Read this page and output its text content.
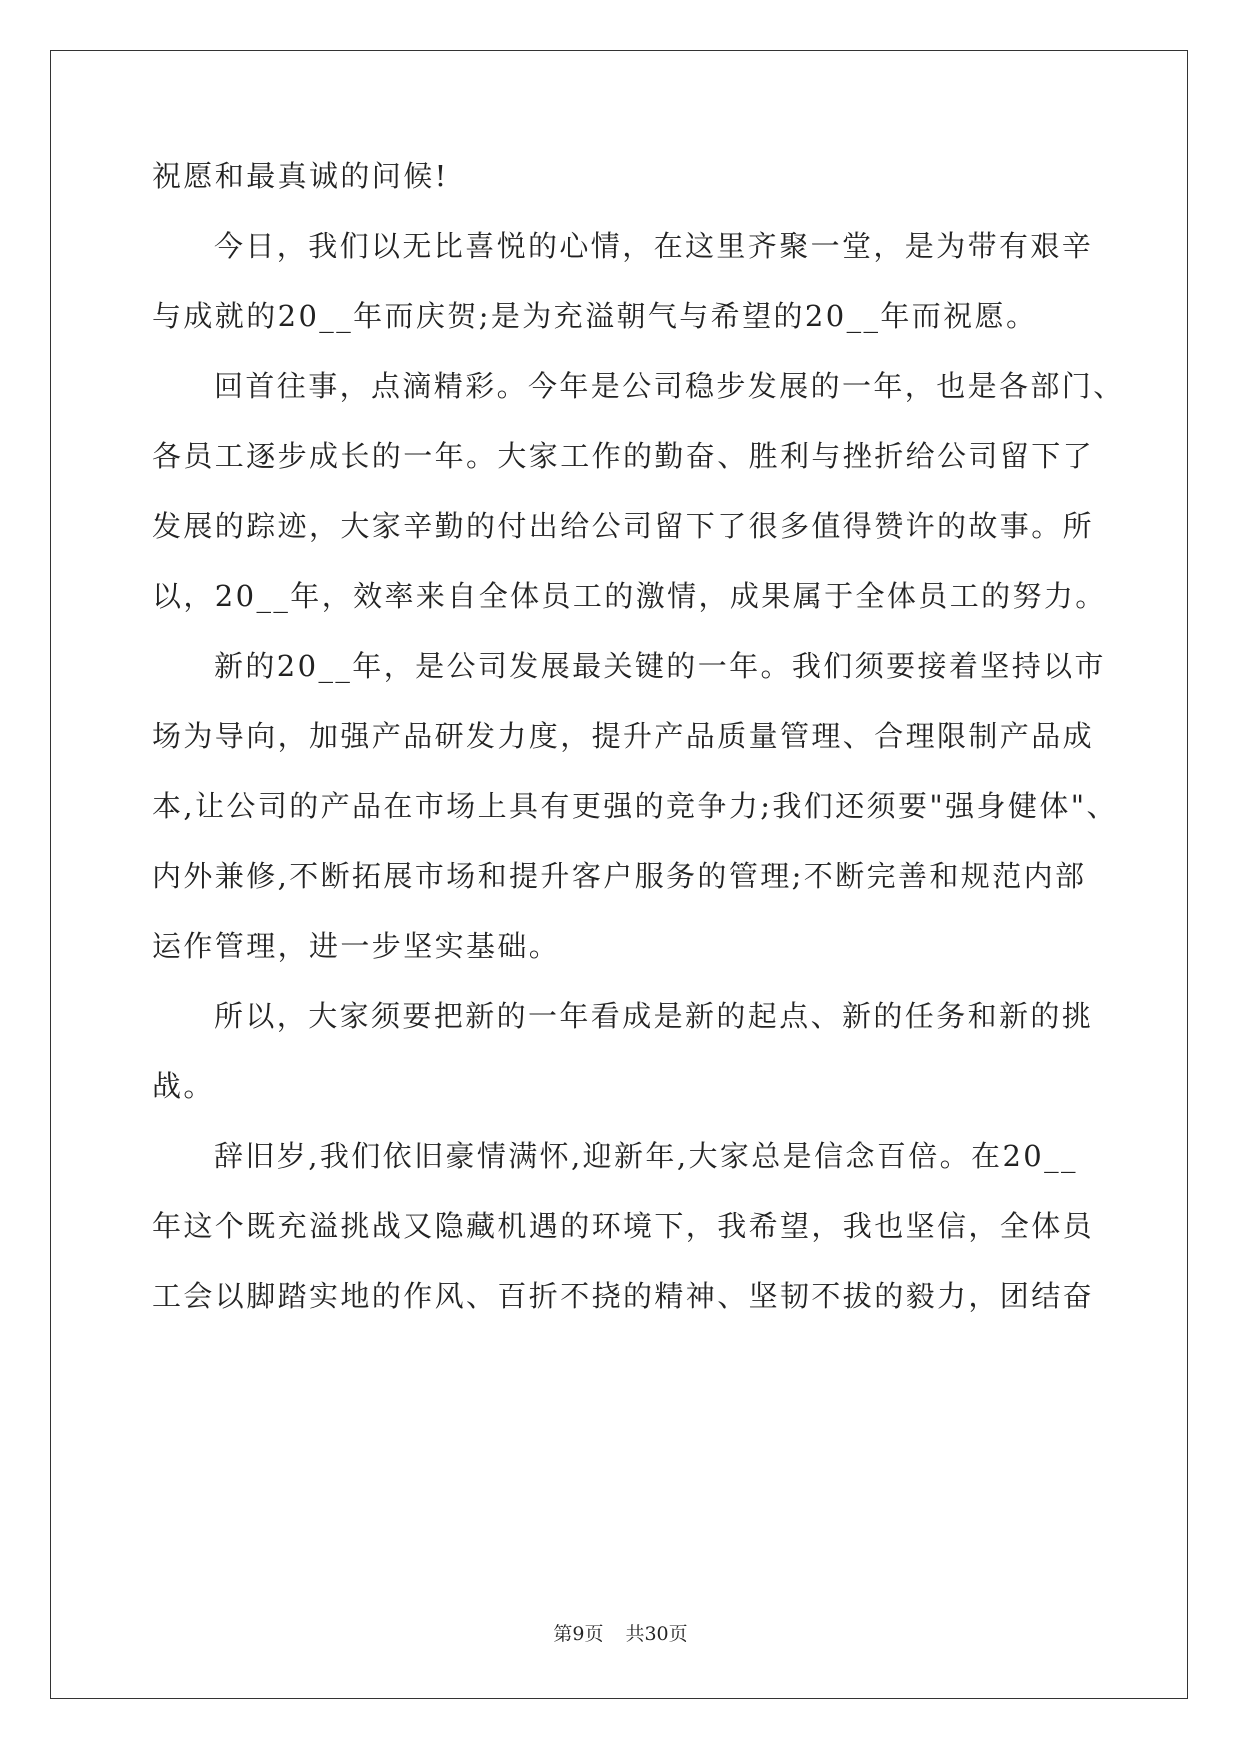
祝愿和最真诚的问候!
今日，我们以无比喜悦的心情，在这里齐聚一堂，是为带有艰辛
与成就的20__年而庆贺;是为充溢朝气与希望的20__年而祝愿。
回首往事，点滴精彩。今年是公司稳步发展的一年，也是各部门、
各员工逐步成长的一年。大家工作的勤奋、胜利与挫折给公司留下了
发展的踪迹，大家辛勤的付出给公司留下了很多值得赞许的故事。所
以，20__年，效率来自全体员工的激情，成果属于全体员工的努力。
新的20__年，是公司发展最关键的一年。我们须要接着坚持以市
场为导向，加强产品研发力度，提升产品质量管理、合理限制产品成
本,让公司的产品在市场上具有更强的竞争力;我们还须要"强身健体"、
内外兼修,不断拓展市场和提升客户服务的管理;不断完善和规范内部
运作管理，进一步坚实基础。
所以，大家须要把新的一年看成是新的起点、新的任务和新的挑
战。
辞旧岁,我们依旧豪情满怀,迎新年,大家总是信念百倍。在20__
年这个既充溢挑战又隐藏机遇的环境下，我希望，我也坚信，全体员
工会以脚踏实地的作风、百折不挠的精神、坚韧不拔的毅力，团结奋
第9页 共30页
